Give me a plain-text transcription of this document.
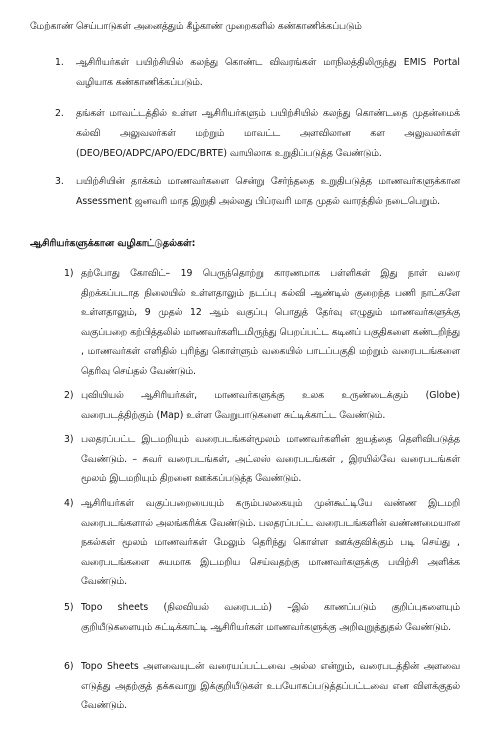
மேற்காண் செய்பாடுகள் அனைத்தும் கீழ்காண் முறைகளில் கண்காணிக்கப்படும்
1. ஆசிரியர்கள் பயிற்சியில் கலந்து கொண்ட விவரங்கள் மாநிலத்திலிருந்து EMIS Portal வழியாக கண்காணிக்கப்படும்.
2. தங்கள் மாவட்டத்தில் உள்ள ஆசிரியர்களும் பயிற்சியில் கலந்து கொண்டதை முதன்மைக் கல்வி அலுவலர்கள் மற்றும் மாவட்ட அளவிலான கள அலுவலர்கள் (DEO/BEO/ADPC/APO/EDC/BRTE) வாயிலாக உறுதிப்படுத்த வேண்டும்.
3. பயிற்சியின் தாக்கம் மாணவர்களை சென்று சேர்ந்ததை உறுதிபடுத்த மாணவர்களுக்கான Assessment ஜனவரி மாத இறுதி அல்லது பிப்ரவரி மாத முதல் வாரத்தில் நடைபெறும்.
ஆசிரியர்களுக்கான வழிகாட்டுதல்கள்:
1) தற்போது கோவிட்– 19 பெருந்தொற்று காரணமாக பள்ளிகள் இது நாள் வரை திறக்கப்படாத நிலையில் உள்ளதாலும் நடப்பு கல்வி ஆண்டில் குறைந்த பணி நாட்களே உள்ளதாலும், 9 முதல் 12 ஆம் வகுப்பு பொதுத் தேர்வு எழுதும் மாணவர்களுக்கு வகுப்பறை கற்பித்தலில் மாணவர்களிடமிருந்து பெறப்பட்ட கடினப் பகுதிகளை கண்டறிந்து , மாணவர்கள் எளிதில் புரிந்து கொள்ளும் வகையில் பாடப்பகுதி மற்றும் வரைபடங்களை தெரிவு செய்தல் வேண்டும்.
2) புவியியல் ஆசிரியர்கள், மாணவர்களுக்கு உலக உருண்டைக்கும் (Globe) வரைபடத்திற்கும் (Map) உள்ள வேறுபாடுகளை சுட்டிக்காட்ட வேண்டும்.
3) பலதரப்பட்ட இடமறியும் வரைபடங்கள்மூலம் மாணவர்களின் ஐயத்தை தெளிவிபடுத்த வேண்டும். – சுவர் வரைபடங்கள், அட்லஸ் வரைபடங்கள் , இரயில்வே வரைபடங்கள் மூலம் இடமறியும் திறனை ஊக்கப்படுத்த வேண்டும்.
4) ஆசிரியர்கள் வகுப்பறையையும் கரும்பலகையும் முன்கூட்டியே வண்ண இடமறி வரைபடங்களால் அலங்கரிக்க வேண்டும். பலதரப்பட்ட வரைபடங்களின் வண்ணமையான நகல்கள் மூலம் மாணவர்கள் மேலும் தெரிந்து கொள்ள ஊக்குவிக்கும் படி செய்து , வரைபடங்களை சுயமாக இடமறிய செய்வதற்கு மாணவர்களுக்கு பயிற்சி அளிக்க வேண்டும்.
5) Topo sheets (நிலவியல் வரைபடம்) –இல் காணப்படும் குறிப்புகளையும் குறியீடுகளையும் சுட்டிக்காட்டி ஆசிரியர்கள் மாணவர்களுக்கு அறிவுறுத்துதல் வேண்டும்.
6) Topo Sheets அளவையுடன் வரையப்பட்டவை அல்ல என்றும், வரைபடத்தின் அளவை எடுத்து அதற்குத் தக்கவாறு இக்குறியீடுகள் உபயோகப்படுத்தப்பட்டவை என விளக்குதல் வேண்டும்.
